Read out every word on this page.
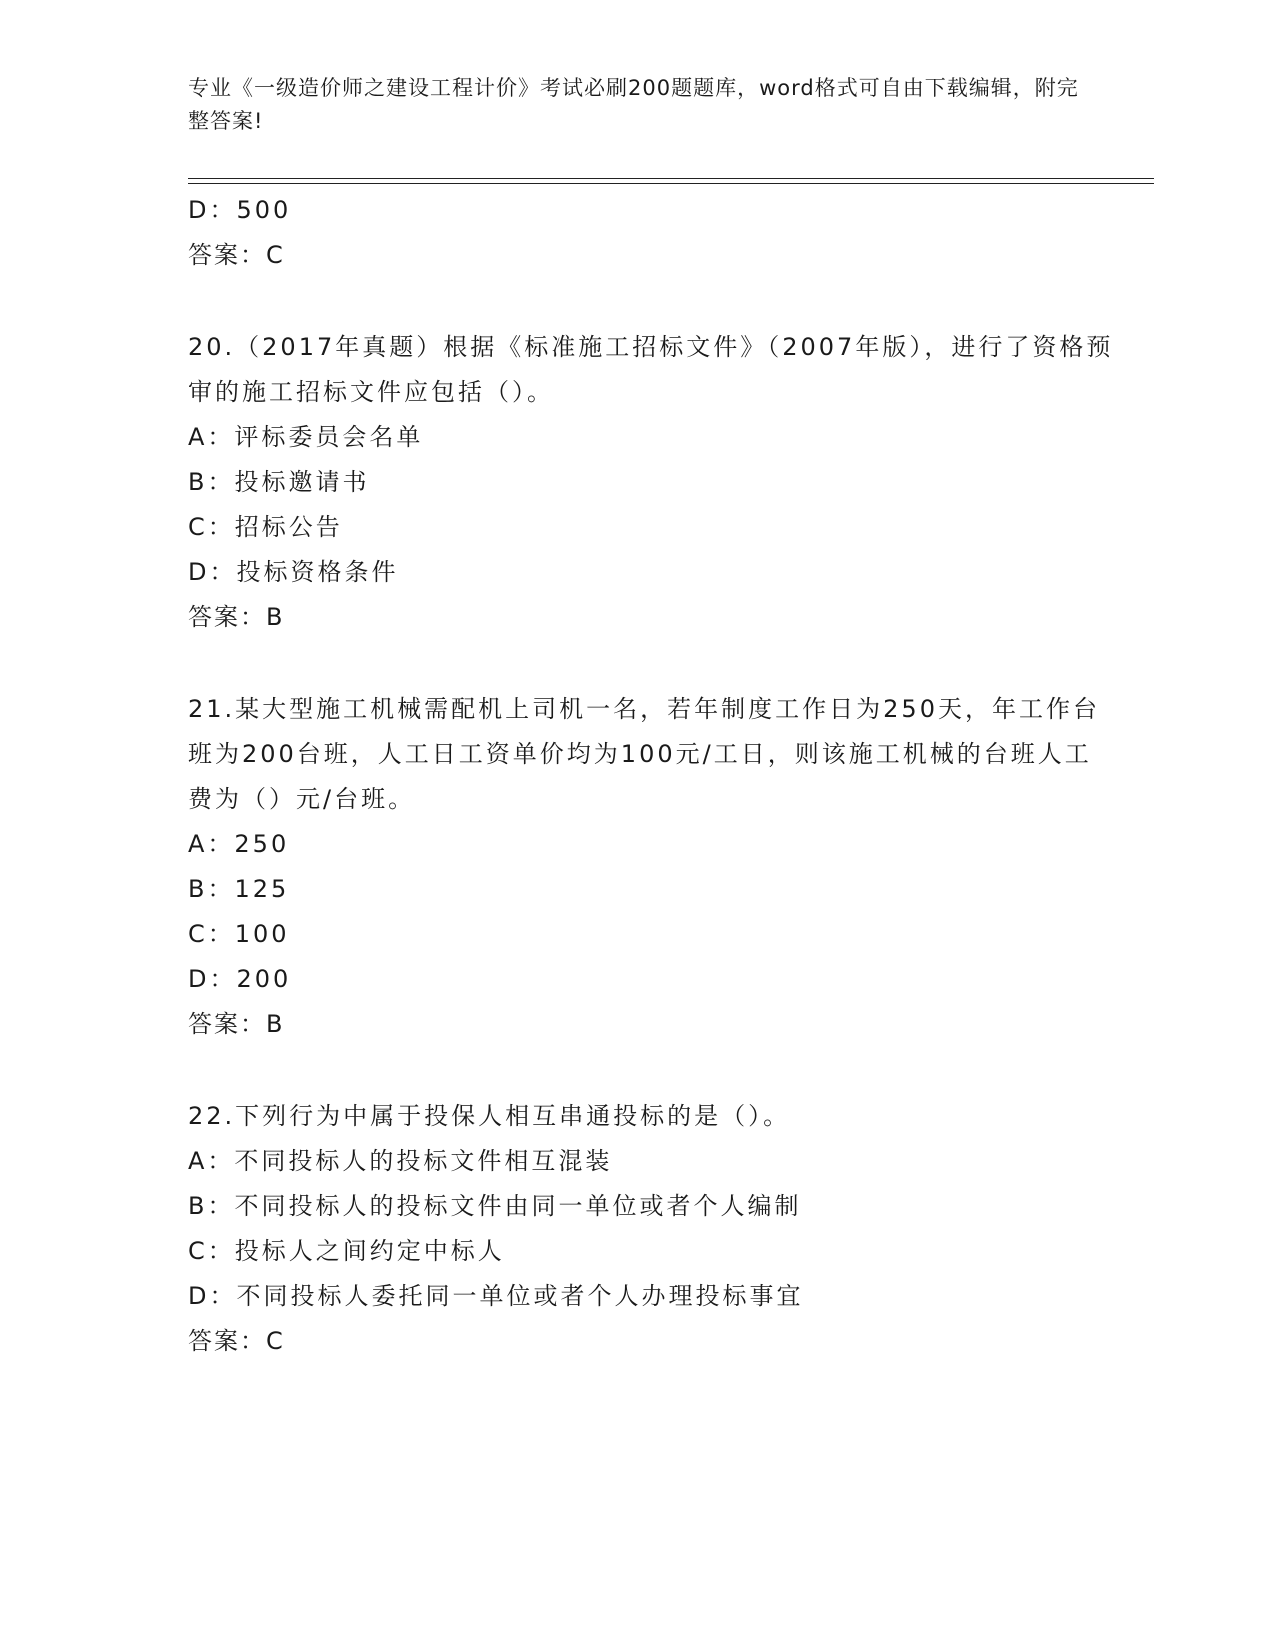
专业《一级造价师之建设工程计价》考试必刷200题题库，word格式可自由下载编辑，附完整答案!
D：500
答案：C
20.（2017年真题）根据《标准施工招标文件》（2007年版），进行了资格预审的施工招标文件应包括（）。
A：评标委员会名单
B：投标邀请书
C：招标公告
D：投标资格条件
答案：B
21.某大型施工机械需配机上司机一名，若年制度工作日为250天，年工作台班为200台班，人工日工资单价均为100元/工日，则该施工机械的台班人工费为（）元/台班。
A：250
B：125
C：100
D：200
答案：B
22.下列行为中属于投保人相互串通投标的是（）。
A：不同投标人的投标文件相互混装
B：不同投标人的投标文件由同一单位或者个人编制
C：投标人之间约定中标人
D：不同投标人委托同一单位或者个人办理投标事宜
答案：C
